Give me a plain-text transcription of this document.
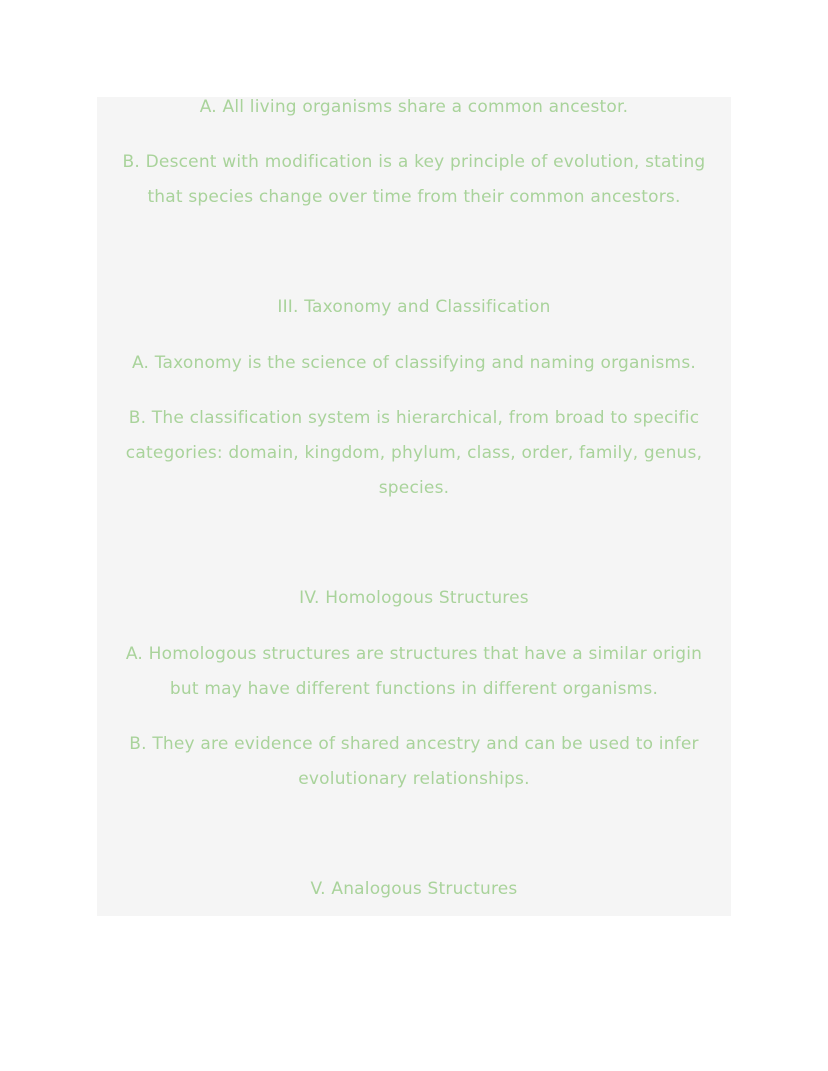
A. All living organisms share a common ancestor.
B. Descent with modification is a key principle of evolution, stating
that species change over time from their common ancestors.
III. Taxonomy and Classification
A. Taxonomy is the science of classifying and naming organisms.
B. The classification system is hierarchical, from broad to specific
categories: domain, kingdom, phylum, class, order, family, genus,
species.
IV. Homologous Structures
A. Homologous structures are structures that have a similar origin
but may have different functions in different organisms.
B. They are evidence of shared ancestry and can be used to infer
evolutionary relationships.
V. Analogous Structures
